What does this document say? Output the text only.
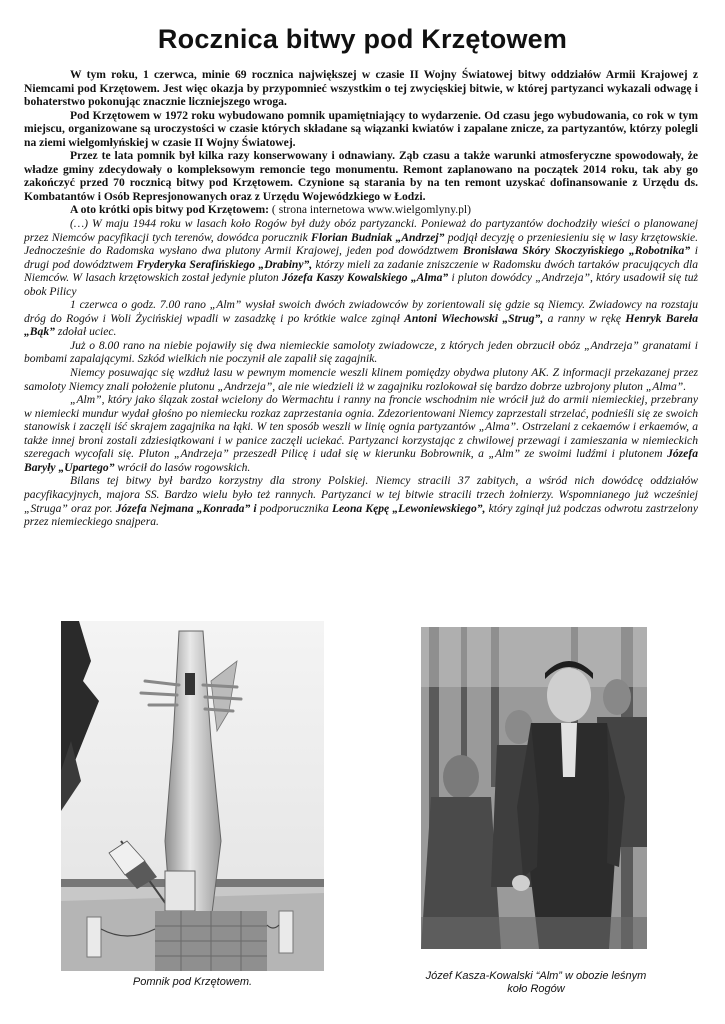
Rocznica bitwy pod Krzętowem

W tym roku, 1 czerwca, minie 69 rocznica największej w czasie II Wojny Światowej bitwy oddziałów Armii Krajowej z Niemcami pod Krzętowem. Jest więc okazja by przypomnieć wszystkim o tej zwycięskiej bitwie, w której partyzanci wykazali odwagę i bohaterstwo pokonując znacznie liczniejszego wroga.

Pod Krzętowem w 1972 roku wybudowano pomnik upamiętniający to wydarzenie. Od czasu jego wybudowania, co rok w tym miejscu, organizowane są uroczystości w czasie których składane są wiązanki kwiatów i zapalane znicze, za partyzantów, którzy polegli na ziemi wielgomłyńskiej w czasie II Wojny Światowej.

Przez te lata pomnik był kilka razy konserwowany i odnawiany. Ząb czasu a także warunki atmosferyczne spowodowały, że władze gminy zdecydowały o kompleksowym remoncie tego monumentu. Remont zaplanowano na początek 2014 roku, tak aby go zakończyć przed 70 rocznicą bitwy pod Krzętowem. Czynione są starania by na ten remont uzyskać dofinansowanie z Urzędu ds. Kombatantów i Osób Represjonowanych oraz z Urzędu Wojewódzkiego w Łodzi.

A oto krótki opis bitwy pod Krzętowem: ( strona internetowa www.wielgomlyny.pl)

(…) W maju 1944 roku w lasach koło Rogów był duży obóz partyzancki. Ponieważ do partyzantów dochodziły wieści o planowanej przez Niemców pacyfikacji tych terenów, dowódca porucznik Florian Budniak „Andrzej” podjął decyzję o przeniesieniu się w lasy krzętowskie. Jednocześnie do Radomska wysłano dwa plutony Armii Krajowej, jeden pod dowództwem Bronisława Skóry Skoczyńskiego „Robotnika” i drugi pod dowództwem Fryderyka Serafińskiego „Drabiny”, którzy mieli za zadanie zniszczenie w Radomsku dwóch tartaków pracujących dla Niemców. W lasach krzętowskich został jedynie pluton Józefa Kaszy Kowalskiego „Alma” i pluton dowódcy „Andrzeja”, który usadowił się tuż obok Pilicy

1 czerwca o godz. 7.00 rano „Alm” wysłał swoich dwóch zwiadowców by zorientowali się gdzie są Niemcy. Zwiadowcy na rozstaju dróg do Rogów i Woli Życińskiej wpadli w zasadzkę i po krótkie walce zginął Antoni Wiechowski „Strug”, a ranny w rękę Henryk Bareła „Bąk” zdołał uciec.

Już o 8.00 rano na niebie pojawiły się dwa niemieckie samoloty zwiadowcze, z których jeden obrzucił obóz „Andrzeja” granatami i bombami zapalającymi. Szkód wielkich nie poczynił ale zapalił się zagajnik.

Niemcy posuwając się wzdłuż lasu w pewnym momencie weszli klinem pomiędzy obydwa plutony AK. Z informacji przekazanej przez samoloty Niemcy znali położenie plutonu „Andrzeja”, ale nie wiedzieli iż w zagajniku rozlokował się bardzo dobrze uzbrojony pluton „Alma”.

„Alm”, który jako ślązak został wcielony do Wermachtu i ranny na froncie wschodnim nie wrócił już do armii niemieckiej, przebrany w niemiecki mundur wydał głośno po niemiecku rozkaz zaprzestania ognia. Zdezorientowani Niemcy zaprzestali strzelać, podnieśli się ze swoich stanowisk i zaczęli iść skrajem zagajnika na łąki. W ten sposób weszli w linię ognia partyzantów „Alma”. Ostrzelani z cekaemów i erkaemów, a także innej broni zostali zdziesiątkowani i w panice zaczęli uciekać. Partyzanci korzystając z chwilowej przewagi i zamieszania w niemieckich szeregach wycofali się. Pluton „Andrzeja” przeszedł Pilicę i udał się w kierunku Bobrownik, a „Alm” ze swoimi ludźmi i plutonem Józefa Baryły „Upartego” wrócił do lasów rogowskich.

Bilans tej bitwy był bardzo korzystny dla strony Polskiej. Niemcy stracili 37 zabitych, a wśród nich dowódcę oddziałów pacyfikacyjnych, majora SS. Bardzo wielu było też rannych. Partyzanci w tej bitwie stracili trzech żołnierzy. Wspomnianego już wcześniej „Struga” oraz por. Józefa Nejmana „Konrada” i podporucznika Leona Kępę „Lewoniewskiego”, który zginął już podczas odwrotu zastrzelony przez niemieckiego snajpera.

Pomnik pod Krzętowem.	Józef Kasza-Kowalski “Alm” w obozie leśnym
koło Rogów
